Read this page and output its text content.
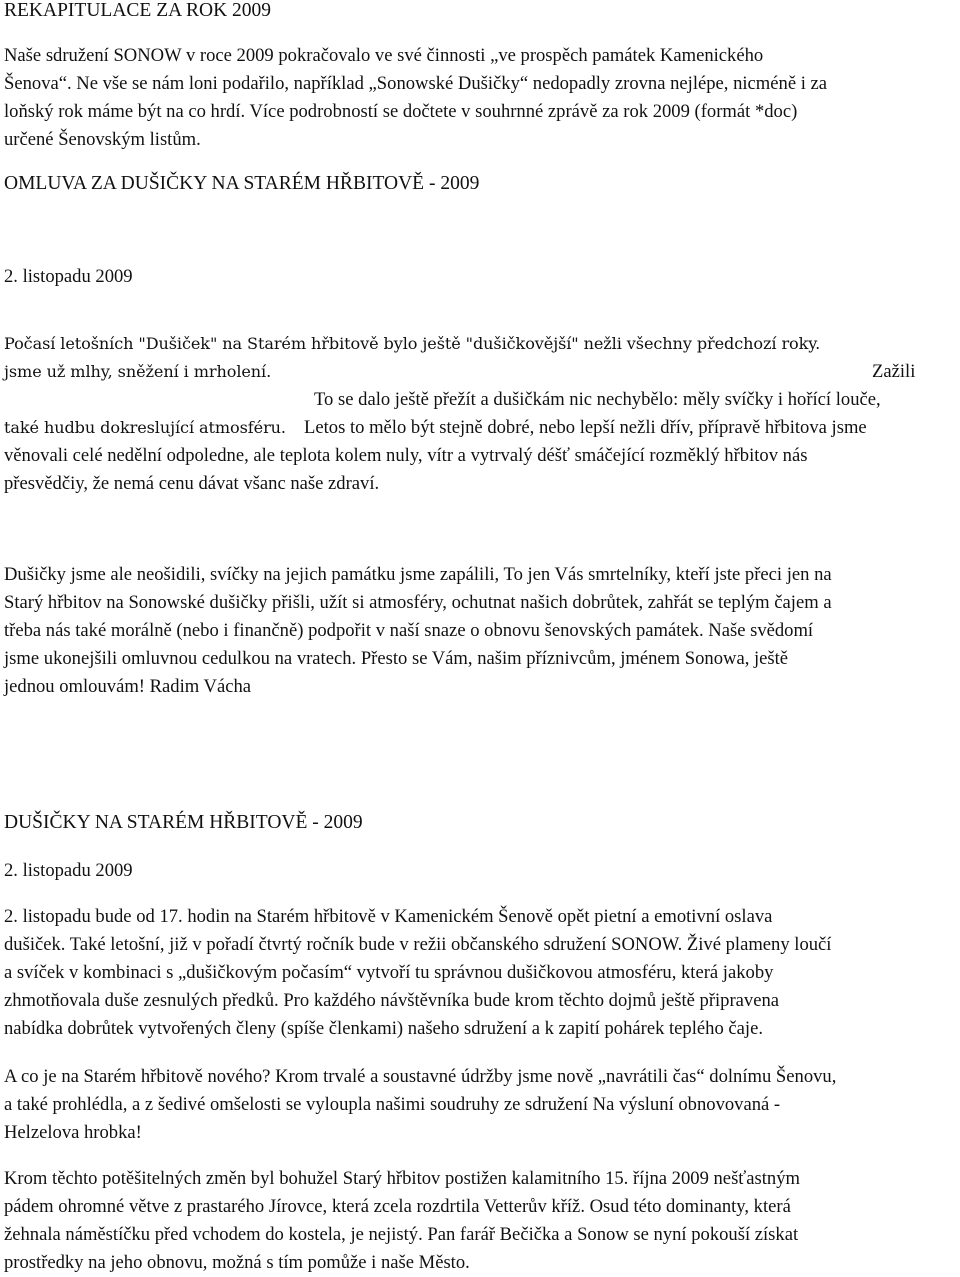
REKAPITULACE ZA ROK 2009

Naše sdružení SONOW v roce 2009 pokračovalo ve své činnosti „ve prospěch památek Kamenického

Šenova“. Ne vše se nám loni podařilo, například „Sonowské Dušičky“ nedopadly zrovna nejlépe, nicméně i za

loňský rok máme být na co hrdí. Více podrobností se dočtete v souhrnné zprávě za rok 2009 (formát *doc)

určené Šenovským listům.

OMLUVA ZA DUŠIČKY NA STARÉM HŘBITOVĚ - 2009

2. listopadu 2009

Počasí letošních "Dušiček" na Starém hřbitově bylo ještě "dušičkovější" nežli všechny předchozí roky.

jsme už mlhy, sněžení i mrholení.	Zažili

To se dalo ještě přežít a dušičkám nic nechybělo: měly svíčky i hořící louče,

také hudbu dokreslující atmosféru. Letos to mělo být stejně dobré, nebo lepší nežli dřív, přípravě hřbitova jsme

věnovali celé nedělní odpoledne, ale teplota kolem nuly, vítr a vytrvalý déšť smáčející rozměklý hřbitov nás

přesvědčiy, že nemá cenu dávat všanc naše zdraví.

Dušičky jsme ale neošidili, svíčky na jejich památku jsme zapálili, To jen Vás smrtelníky, kteří jste přeci jen na

Starý hřbitov na Sonowské dušičky přišli, užít si atmosféry, ochutnat našich dobrůtek, zahřát se teplým čajem a

třeba nás také morálně (nebo i finančně) podpořit v naší snaze o obnovu šenovských památek. Naše svědomí

jsme ukonejšili omluvnou cedulkou na vratech. Přesto se Vám, našim příznivcům, jménem Sonowa, ještě

jednou omlouvám! Radim Vácha

DUŠIČKY NA STARÉM HŘBITOVĚ - 2009

2. listopadu 2009

2. listopadu bude od 17. hodin na Starém hřbitově v Kamenickém Šenově opět pietní a emotivní oslava

dušiček. Také letošní, již v pořadí čtvrtý ročník bude v režii občanského sdružení SONOW. Živé plameny loučí

a svíček v kombinaci s „dušičkovým počasím“ vytvoří tu správnou dušičkovou atmosféru, která jakoby

zhmotňovala duše zesnulých předků. Pro každého návštěvníka bude krom těchto dojmů ještě připravena

nabídka dobrůtek vytvořených členy (spíše členkami) našeho sdružení a k zapití pohárek teplého čaje.

A co je na Starém hřbitově nového? Krom trvalé a soustavné údržby jsme nově „navrátili čas“ dolnímu Šenovu,

a také prohlédla, a z šedivé omšelosti se vyloupla našimi soudruhy ze sdružení Na výsluní obnovovaná -

Helzelova hrobka!

Krom těchto potěšitelných změn byl bohužel Starý hřbitov postižen kalamitního 15. října 2009 nešťastným

pádem ohromné větve z prastarého Jírovce, která zcela rozdrtila Vetterův kříž. Osud této dominanty, která

žehnala náměstíčku před vchodem do kostela, je nejistý. Pan farář Bečička a Sonow se nyní pokouší získat

prostředky na jeho obnovu, možná s tím pomůže i naše Město.
